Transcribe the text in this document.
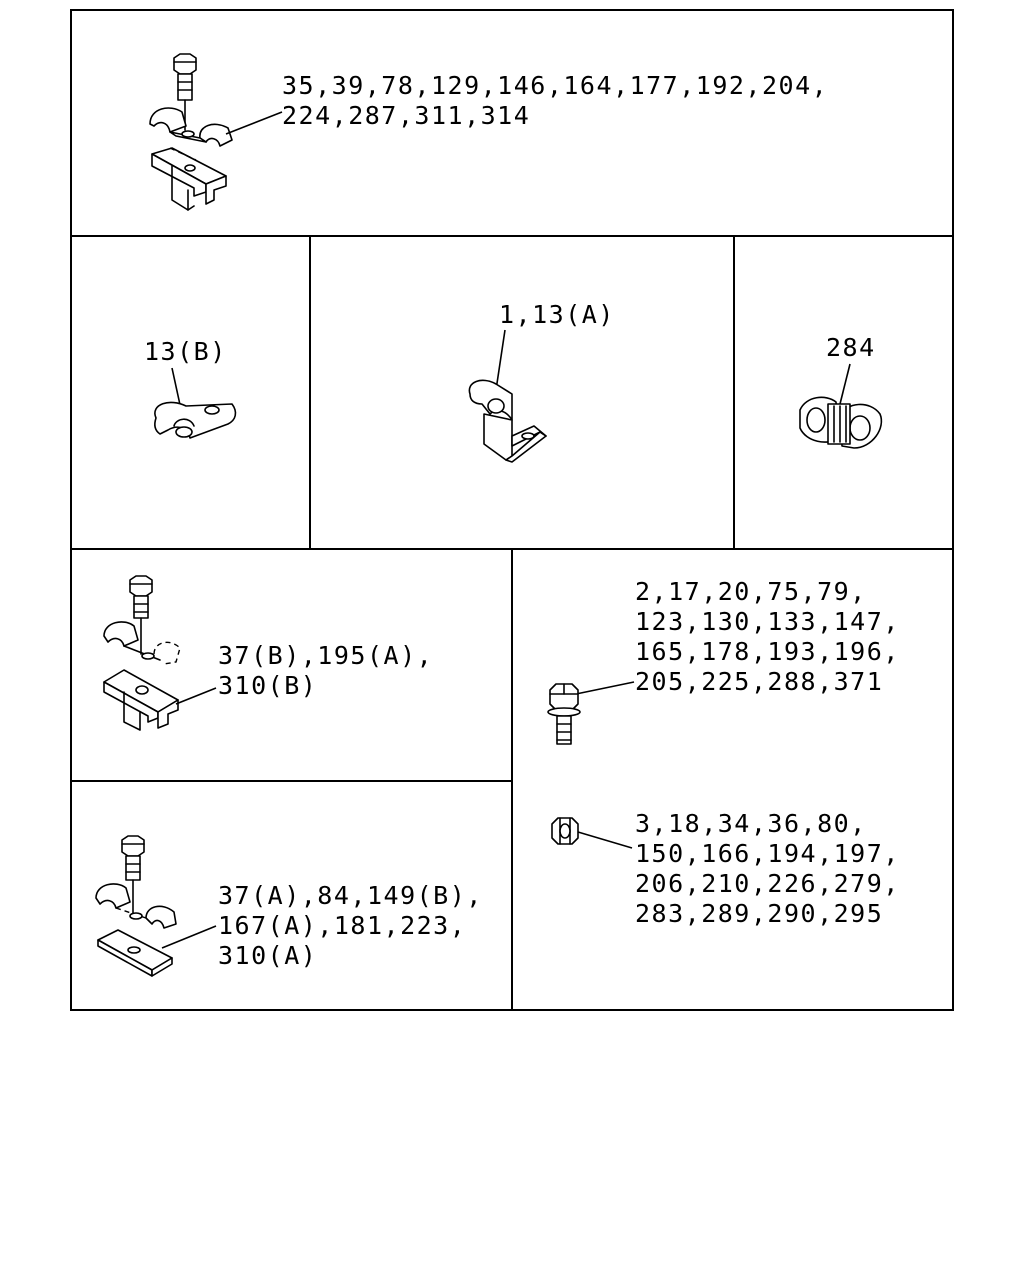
35,39,78,129,146,164,177,192,204,
224,287,311,314
13(B)
1,13(A)
284
37(B),195(A),
310(B)
37(A),84,149(B),
167(A),181,223,
310(A)
2,17,20,75,79,
123,130,133,147,
165,178,193,196,
205,225,288,371
3,18,34,36,80,
150,166,194,197,
206,210,226,279,
283,289,290,295
